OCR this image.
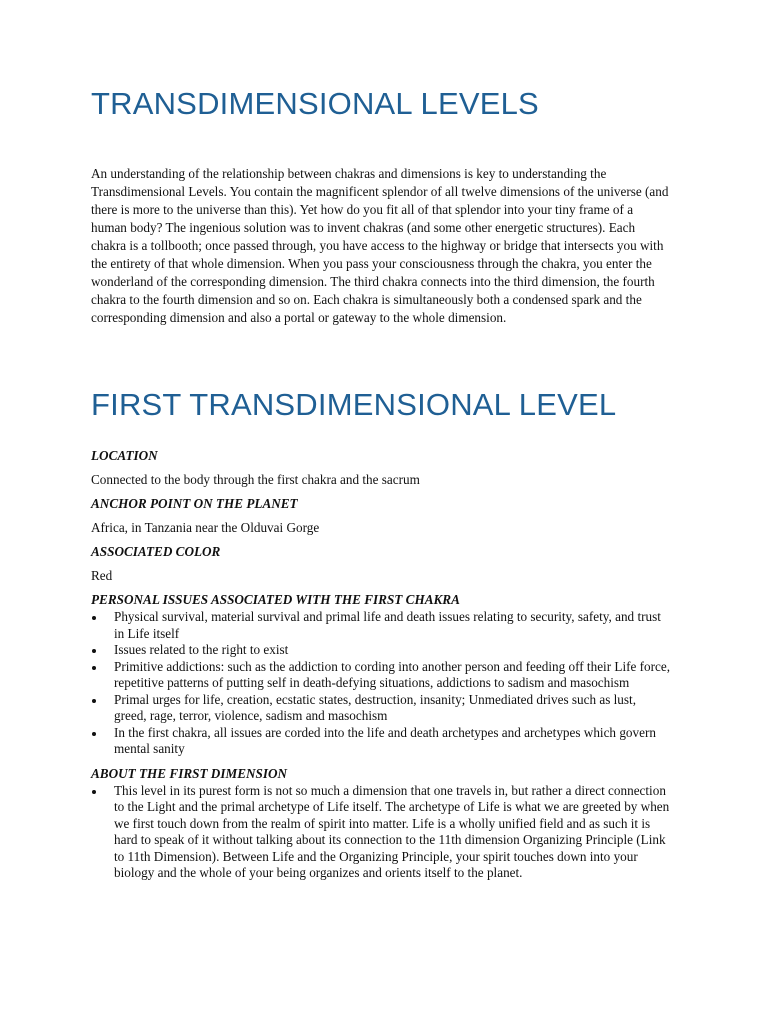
TRANSDIMENSIONAL LEVELS

An understanding of the relationship between chakras and dimensions is key to understanding the Transdimensional Levels. You contain the magnificent splendor of all twelve dimensions of the universe (and there is more to the universe than this). Yet how do you fit all of that splendor into your tiny frame of a human body? The ingenious solution was to invent chakras (and some other energetic structures). Each chakra is a tollbooth; once passed through, you have access to the highway or bridge that intersects you with the entirety of that whole dimension. When you pass your consciousness through the chakra, you enter the wonderland of the corresponding dimension. The third chakra connects into the third dimension, the fourth chakra to the fourth dimension and so on. Each chakra is simultaneously both a condensed spark and the corresponding dimension and also a portal or gateway to the whole dimension.

FIRST TRANSDIMENSIONAL LEVEL

LOCATION

Connected to the body through the first chakra and the sacrum

ANCHOR POINT ON THE PLANET

Africa, in Tanzania near the Olduvai Gorge

ASSOCIATED COLOR

Red

PERSONAL ISSUES ASSOCIATED WITH THE FIRST CHAKRA

Physical survival, material survival and primal life and death issues relating to security, safety, and trust in Life itself
Issues related to the right to exist
Primitive addictions: such as the addiction to cording into another person and feeding off their Life force, repetitive patterns of putting self in death-defying situations, addictions to sadism and masochism
Primal urges for life, creation, ecstatic states, destruction, insanity; Unmediated drives such as lust, greed, rage, terror, violence, sadism and masochism
In the first chakra, all issues are corded into the life and death archetypes and archetypes which govern mental sanity

ABOUT THE FIRST DIMENSION

This level in its purest form is not so much a dimension that one travels in, but rather a direct connection to the Light and the primal archetype of Life itself. The archetype of Life is what we are greeted by when we first touch down from the realm of spirit into matter. Life is a wholly unified field and as such it is hard to speak of it without talking about its connection to the 11th dimension Organizing Principle (Link to 11th Dimension). Between Life and the Organizing Principle, your spirit touches down into your biology and the whole of your being organizes and orients itself to the planet.
